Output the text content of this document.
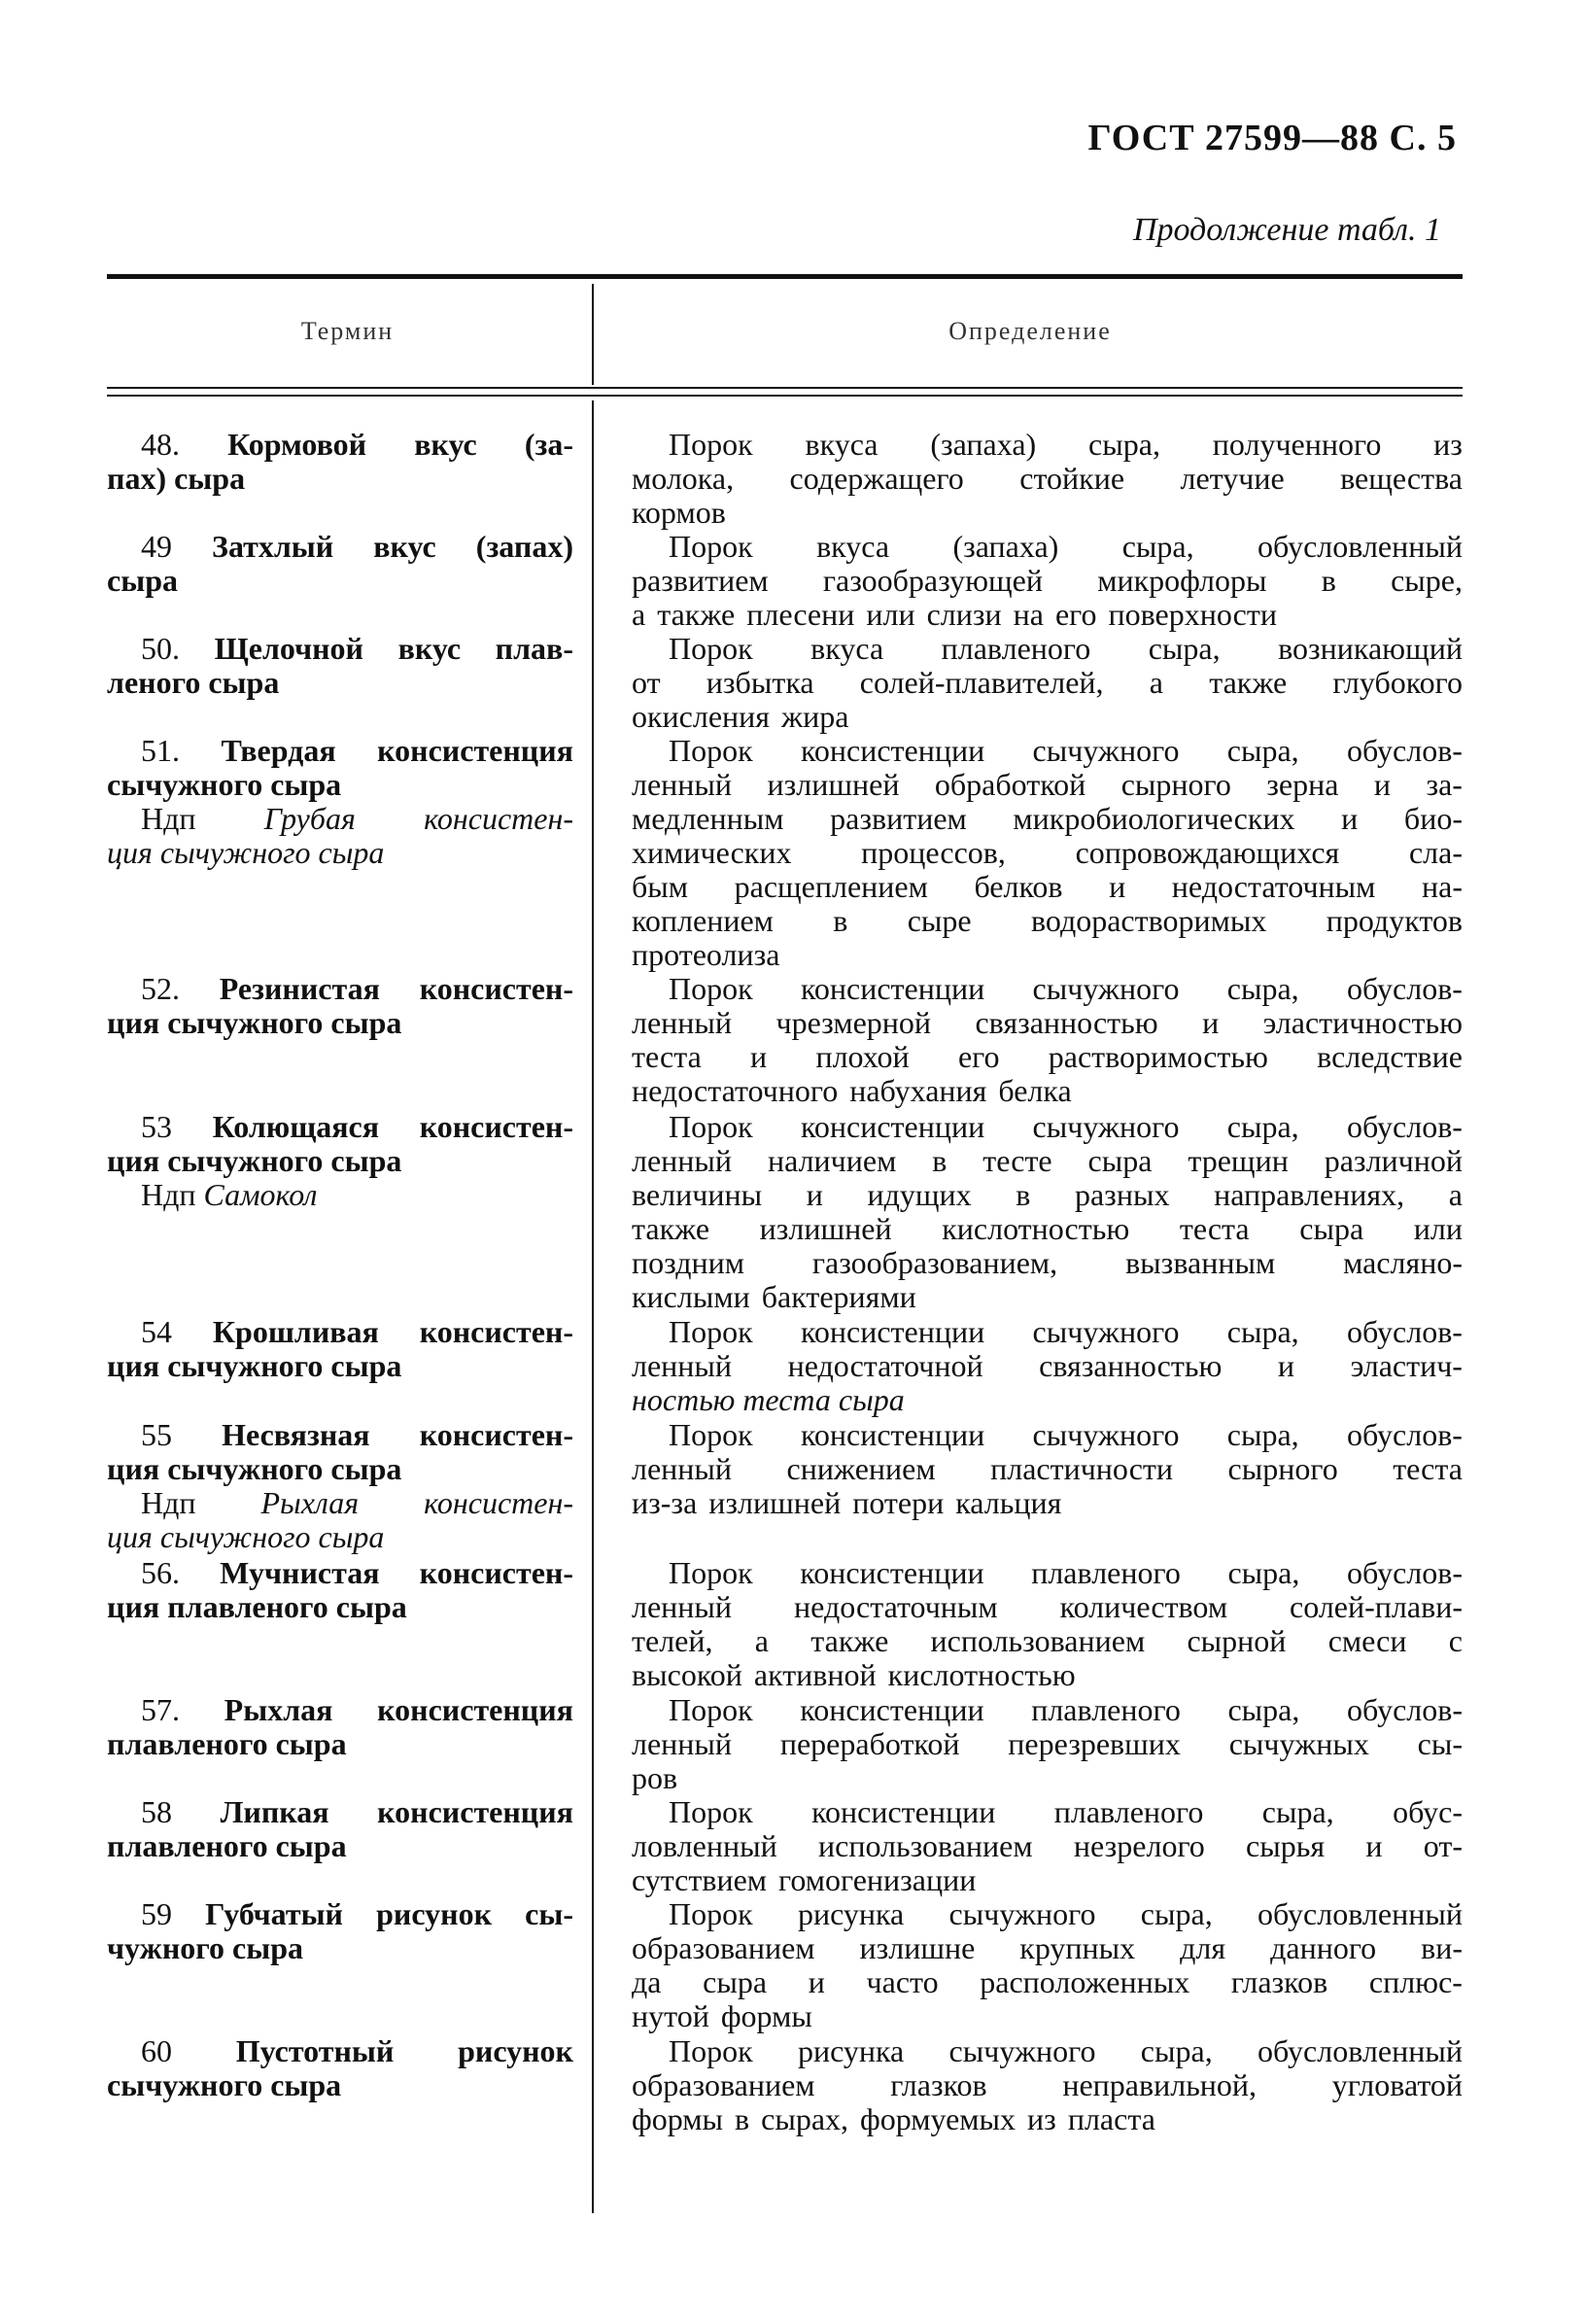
ГОСТ 27599—88 С. 5
Продолжение табл. 1
Термин	Определение
48. Кормовой вкус (за-
пах) сыра
Порок вкуса (запаха) сыра, полученного из
молока, содержащего стойкие летучие вещества
кормов
49 Затхлый вкус (запах)
сыра
Порок вкуса (запаха) сыра, обусловленный
развитием газообразующей микрофлоры в сыре,
а также плесени или слизи на его поверхности
50. Щелочной вкус плав-
леного сыра
Порок вкуса плавленого сыра, возникающий
от избытка солей-плавителей, а также глубокого
окисления жира
51. Твердая консистенция
сычужного сыра
Ндп Грубая консистен-
ция сычужного сыра
Порок консистенции сычужного сыра, обуслов-
ленный излишней обработкой сырного зерна и за-
медленным развитием микробиологических и био-
химических процессов, сопровождающихся сла-
бым расщеплением белков и недостаточным на-
коплением в сыре водорастворимых продуктов
протеолиза
52. Резинистая консистен-
ция сычужного сыра
Порок консистенции сычужного сыра, обуслов-
ленный чрезмерной связанностью и эластичностью
теста и плохой его растворимостью вследствие
недостаточного набухания белка
53 Колющаяся консистен-
ция сычужного сыра
Ндп Самокол
Порок консистенции сычужного сыра, обуслов-
ленный наличием в тесте сыра трещин различной
величины и идущих в разных направлениях, а
также излишней кислотностью теста сыра или
поздним газообразованием, вызванным масляно-
кислыми бактериями
54 Крошливая консистен-
ция сычужного сыра
Порок консистенции сычужного сыра, обуслов-
ленный недостаточной связанностью и эластич-
ностью теста сыра
55 Несвязная консистен-
ция сычужного сыра
Ндп Рыхлая консистен-
ция сычужного сыра
Порок консистенции сычужного сыра, обуслов-
ленный снижением пластичности сырного теста
из-за излишней потери кальция
56. Мучнистая консистен-
ция плавленого сыра
Порок консистенции плавленого сыра, обуслов-
ленный недостаточным количеством солей-плави-
телей, а также использованием сырной смеси с
высокой активной кислотностью
57. Рыхлая консистенция
плавленого сыра
Порок консистенции плавленого сыра, обуслов-
ленный переработкой перезревших сычужных сы-
ров
58 Липкая консистенция
плавленого сыра
Порок консистенции плавленого сыра, обус-
ловленный использованием незрелого сырья и от-
сутствием гомогенизации
59 Губчатый рисунок сы-
чужного сыра
Порок рисунка сычужного сыра, обусловленный
образованием излишне крупных для данного ви-
да сыра и часто расположенных глазков сплюс-
нутой формы
60 Пустотный рисунок
сычужного сыра
Порок рисунка сычужного сыра, обусловленный
образованием глазков неправильной, угловатой
формы в сырах, формуемых из пласта
